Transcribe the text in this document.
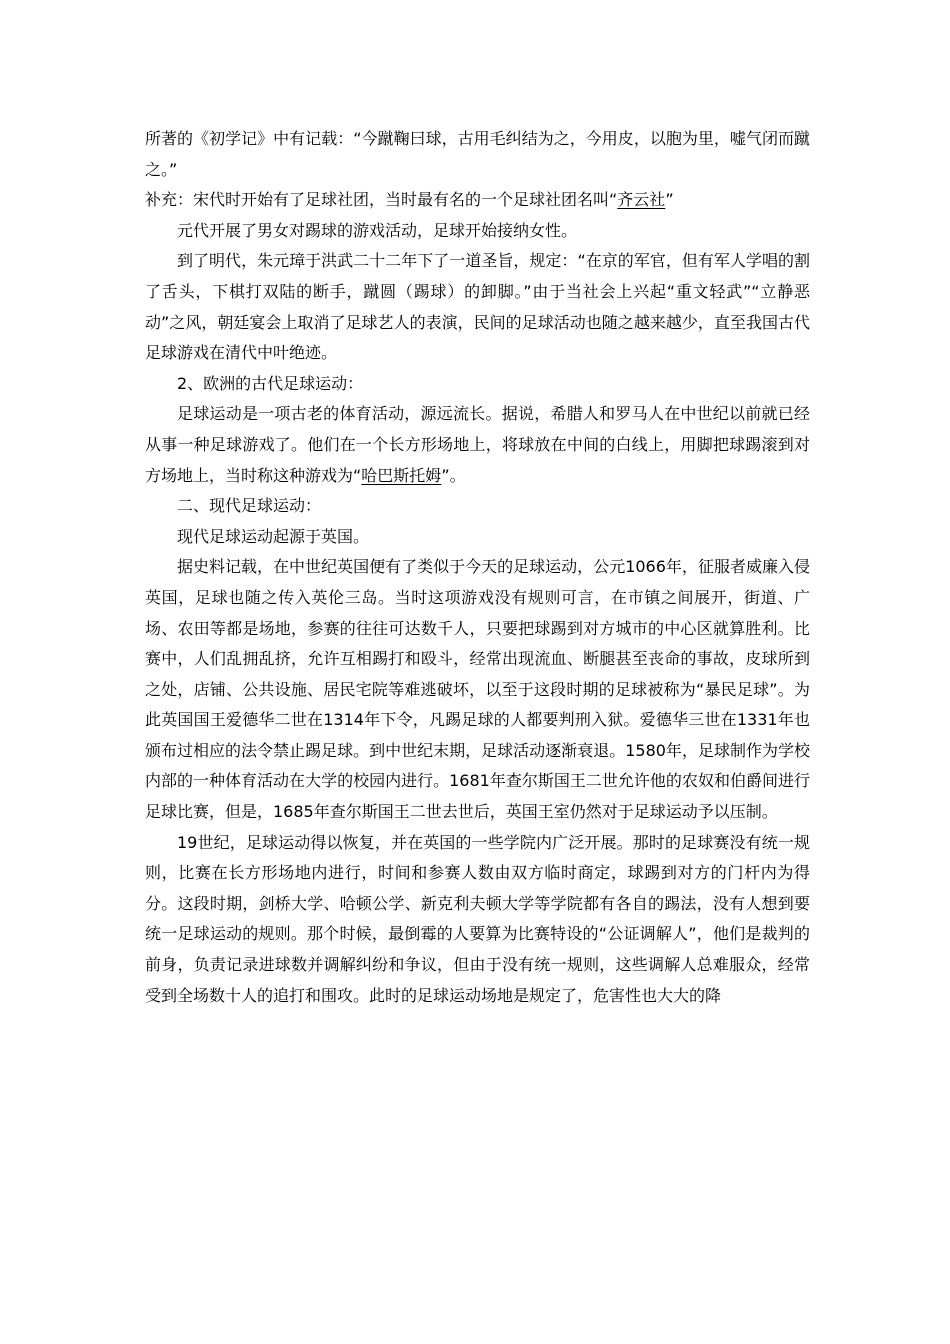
所著的《初学记》中有记载：“今蹴鞠曰球，古用毛纠结为之，今用皮，以胞为里，嘘气闭而蹴之。”

补充：宋代时开始有了足球社团，当时最有名的一个足球社团名叫“齐云社”

元代开展了男女对踢球的游戏活动，足球开始接纳女性。

到了明代，朱元璋于洪武二十二年下了一道圣旨，规定：“在京的军官，但有军人学唱的割了舌头，下棋打双陆的断手，蹴圆（踢球）的卸脚。”由于当社会上兴起“重文轻武”“立静恶动”之风，朝廷宴会上取消了足球艺人的表演，民间的足球活动也随之越来越少，直至我国古代足球游戏在清代中叶绝迹。

2、欧洲的古代足球运动：

足球运动是一项古老的体育活动，源远流长。据说，希腊人和罗马人在中世纪以前就已经从事一种足球游戏了。他们在一个长方形场地上，将球放在中间的白线上，用脚把球踢滚到对方场地上，当时称这种游戏为“哈巴斯托姆”。

二、现代足球运动：

现代足球运动起源于英国。

据史料记载，在中世纪英国便有了类似于今天的足球运动，公元1066年，征服者威廉入侵英国，足球也随之传入英伦三岛。当时这项游戏没有规则可言，在市镇之间展开，街道、广场、农田等都是场地，参赛的往往可达数千人，只要把球踢到对方城市的中心区就算胜利。比赛中，人们乱拥乱挤，允许互相踢打和殴斗，经常出现流血、断腿甚至丧命的事故，皮球所到之处，店铺、公共设施、居民宅院等难逃破坏，以至于这段时期的足球被称为“暴民足球”。为此英国国王爱德华二世在1314年下令，凡踢足球的人都要判刑入狱。爱德华三世在1331年也颁布过相应的法令禁止踢足球。到中世纪末期，足球活动逐渐衰退。1580年，足球制作为学校内部的一种体育活动在大学的校园内进行。1681年查尔斯国王二世允许他的农奴和伯爵间进行足球比赛，但是，1685年查尔斯国王二世去世后，英国王室仍然对于足球运动予以压制。

19世纪，足球运动得以恢复，并在英国的一些学院内广泛开展。那时的足球赛没有统一规则，比赛在长方形场地内进行，时间和参赛人数由双方临时商定，球踢到对方的门杆内为得分。这段时期，剑桥大学、哈顿公学、新克利夫顿大学等学院都有各自的踢法，没有人想到要统一足球运动的规则。那个时候，最倒霉的人要算为比赛特设的“公证调解人”，他们是裁判的前身，负责记录进球数并调解纠纷和争议，但由于没有统一规则，这些调解人总难服众，经常受到全场数十人的追打和围攻。此时的足球运动场地是规定了，危害性也大大的降
